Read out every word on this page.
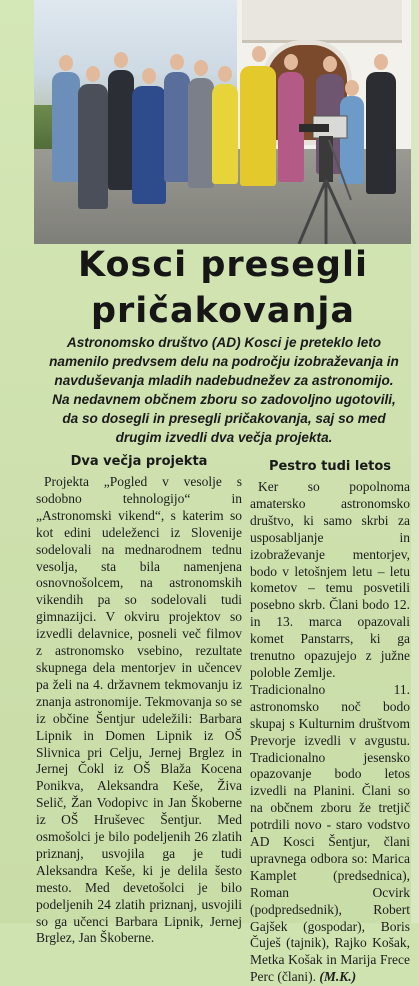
Kosci presegli pričakovanja
Astronomsko društvo (AD) Kosci je preteklo leto namenilo predvsem delu na področju izobraževanja in navduševanja mladih nadebudnežev za astronomijo. Na nedavnem občnem zboru so zadovoljno ugotovili, da so dosegli in presegli pričakovanja, saj so med drugim izvedli dva večja projekta.
Dva večja projekta

Projekta „Pogled v vesolje s sodobno tehnologijo“ in „Astronomski vikend“, s katerim so kot edini udeleženci iz Slovenije sodelovali na mednarodnem tednu vesolja, sta bila namenjena osnovnošolcem, na astronomskih vikendih pa so sodelovali tudi gimnazijci. V okviru projektov so izvedli delavnice, posneli več filmov z astronomsko vsebino, rezultate skupnega dela mentorjev in učencev pa želi na 4. državnem tekmovanju iz znanja astronomije. Tekmovanja so se iz občine Šentjur udeležili: Barbara Lipnik in Domen Lipnik iz OŠ Slivnica pri Celju, Jernej Brglez in Jernej Čokl iz OŠ Blaža Kocena Ponikva, Aleksandra Keše, Živa Selič, Žan Vodopivc in Jan Škoberne iz OŠ Hruševec Šentjur. Med osmošolci je bilo podeljenih 26 zlatih priznanj, usvojila ga je tudi Aleksandra Keše, ki je delila šesto mesto. Med devetošolci je bilo podeljenih 24 zlatih priznanj, usvojili so ga učenci Barbara Lipnik, Jernej Brglez, Jan Škoberne.

Pestro tudi letos

Ker so popolnoma amatersko astronomsko društvo, ki samo skrbi za usposabljanje in izobraževanje mentorjev, bodo v letošnjem letu – letu kometov – temu posvetili posebno skrb. Člani bodo 12. in 13. marca opazovali komet Panstarrs, ki ga trenutno opazujejo z južne poloble Zemlje.

Tradicionalno 11. astronomsko noč bodo skupaj s Kulturnim društvom Prevorje izvedli v avgustu. Tradicionalno jesensko opazovanje bodo letos izvedli na Planini. Člani so na občnem zboru že tretjič potrdili novo - staro vodstvo AD Kosci Šentjur, člani upravnega odbora so: Marica Kamplet (predsednica), Roman Ocvirk (podpredsednik), Robert Gajšek (gospodar), Boris Čuješ (tajnik), Rajko Košak, Metka Košak in Marija Frece Perc (člani). (M.K.)
